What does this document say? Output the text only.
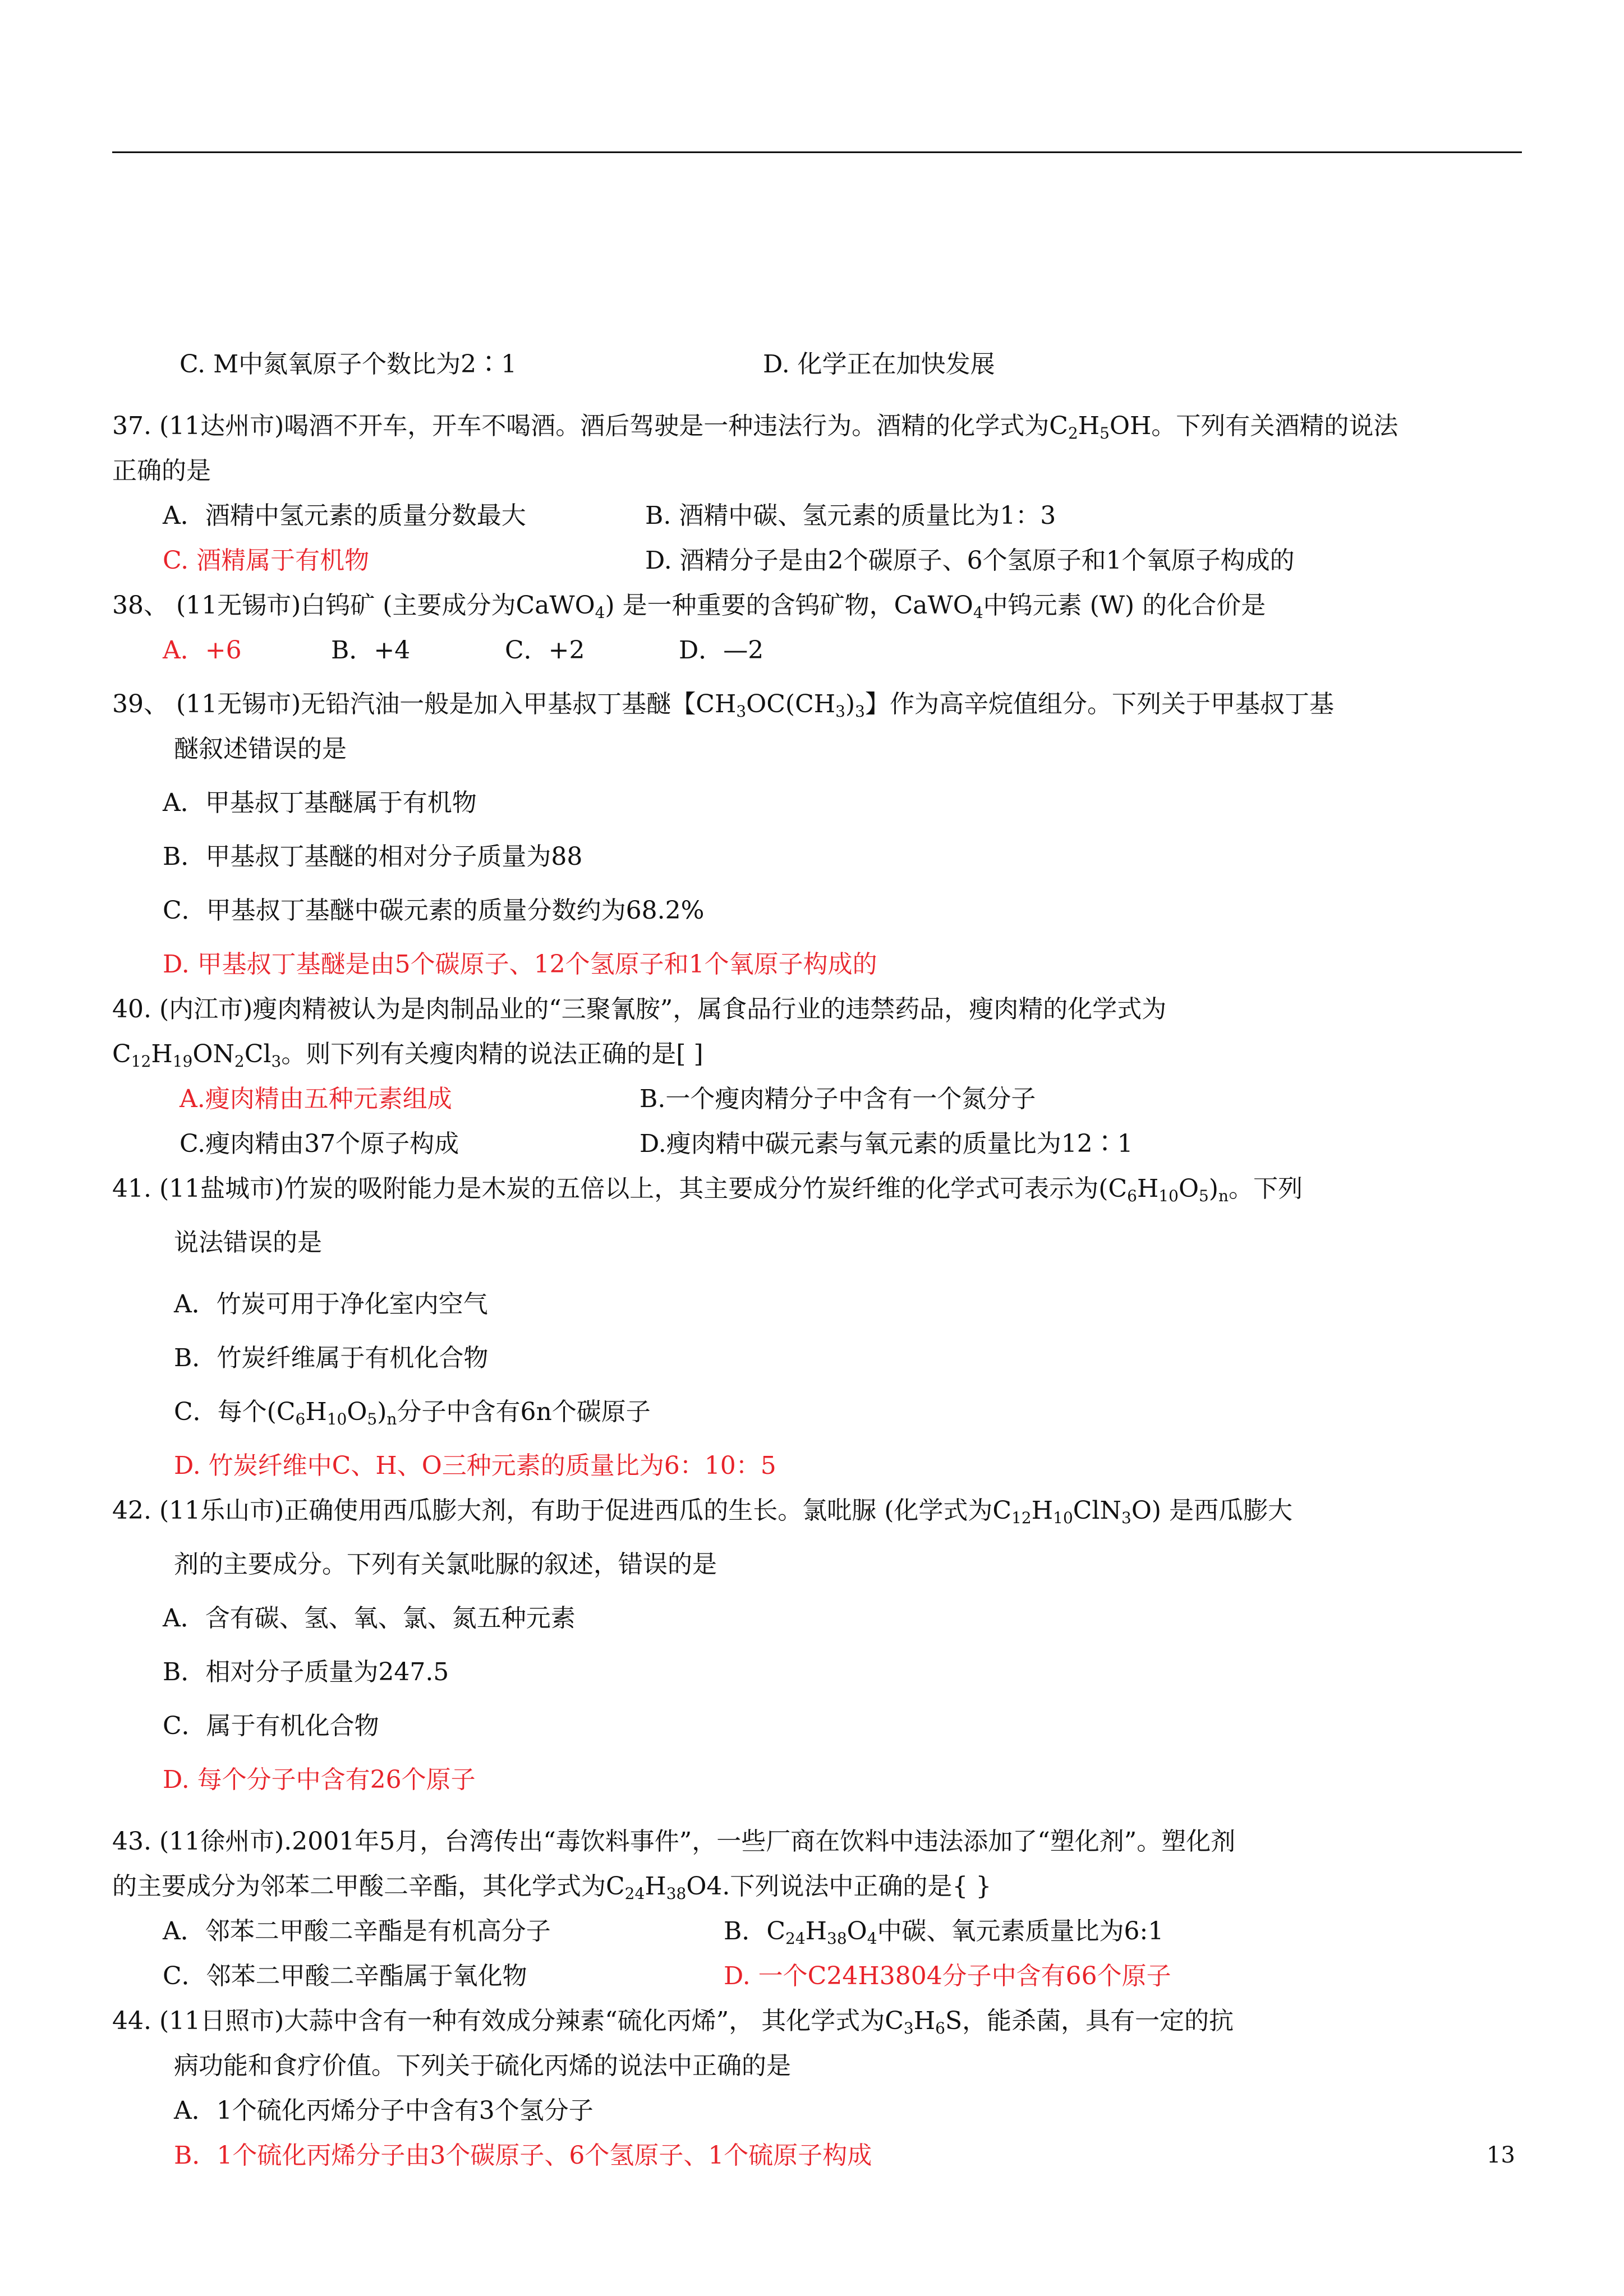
C. M中氮氧原子个数比为2∶1	D. 化学正在加快发展
37. (11达州市)喝酒不开车，开车不喝酒。酒后驾驶是一种违法行为。酒精的化学式为$C_2H_5OH$。下列有关酒精的说法
正确的是
A．酒精中氢元素的质量分数最大	B. 酒精中碳、氢元素的质量比为1：3
C. 酒精属于有机物	D. 酒精分子是由2个碳原子、6个氢原子和1个氧原子构成的
38、 (11无锡市)白钨矿 (主要成分为CaWO$_4$) 是一种重要的含钨矿物，CaWO$_4$中钨元素 (W) 的化合价是
A．+6	B．+4	C．+2	D．—2
39、 (11无锡市)无铅汽油一般是加入甲基叔丁基醚【$CH_3OC(CH_3)_3$】作为高辛烷值组分。下列关于甲基叔丁基
醚叙述错误的是
A．甲基叔丁基醚属于有机物
B．甲基叔丁基醚的相对分子质量为88
C．甲基叔丁基醚中碳元素的质量分数约为68.2%
D. 甲基叔丁基醚是由5个碳原子、12个氢原子和1个氧原子构成的
40. (内江市)瘦肉精被认为是肉制品业的“三聚氰胺”，属食品行业的违禁药品，瘦肉精的化学式为
$C_{12}H_{19}ON_2Cl_3$。则下列有关瘦肉精的说法正确的是[ ]
A.瘦肉精由五种元素组成	B.一个瘦肉精分子中含有一个氮分子
C.瘦肉精由37个原子构成	D.瘦肉精中碳元素与氧元素的质量比为12∶1
41. (11盐城市)竹炭的吸附能力是木炭的五倍以上，其主要成分竹炭纤维的化学式可表示为$(C_6H_{10}O_5)_n$。下列
说法错误的是
A．竹炭可用于净化室内空气
B．竹炭纤维属于有机化合物
C．每个$(C_6H_{10}O_5)_n$分子中含有6n个碳原子
D. 竹炭纤维中C、H、O三种元素的质量比为6：10：5
42. (11乐山市)正确使用西瓜膨大剂，有助于促进西瓜的生长。氯吡脲 (化学式为$C_{12}H_{10}ClN_3O$) 是西瓜膨大
剂的主要成分。下列有关氯吡脲的叙述，错误的是
A．含有碳、氢、氧、氯、氮五种元素
B．相对分子质量为247.5
C．属于有机化合物
D. 每个分子中含有26个原子
43. (11徐州市).2001年5月，台湾传出“毒饮料事件”，一些厂商在饮料中违法添加了“塑化剂”。塑化剂
的主要成分为邻苯二甲酸二辛酯，其化学式为$C_{24}H_{38}O4$.下列说法中正确的是{ }
A．邻苯二甲酸二辛酯是有机高分子	B．$C_{24}H_{38}O_4$中碳、氧元素质量比为6:1
C．邻苯二甲酸二辛酯属于氧化物	D. 一个C24H3804分子中含有66个原子
44. (11日照市)大蒜中含有一种有效成分辣素“硫化丙烯”， 其化学式为$C_3H_6S$，能杀菌，具有一定的抗
病功能和食疗价值。下列关于硫化丙烯的说法中正确的是
A．1个硫化丙烯分子中含有3个氢分子
B．1个硫化丙烯分子由3个碳原子、6个氢原子、1个硫原子构成	13
